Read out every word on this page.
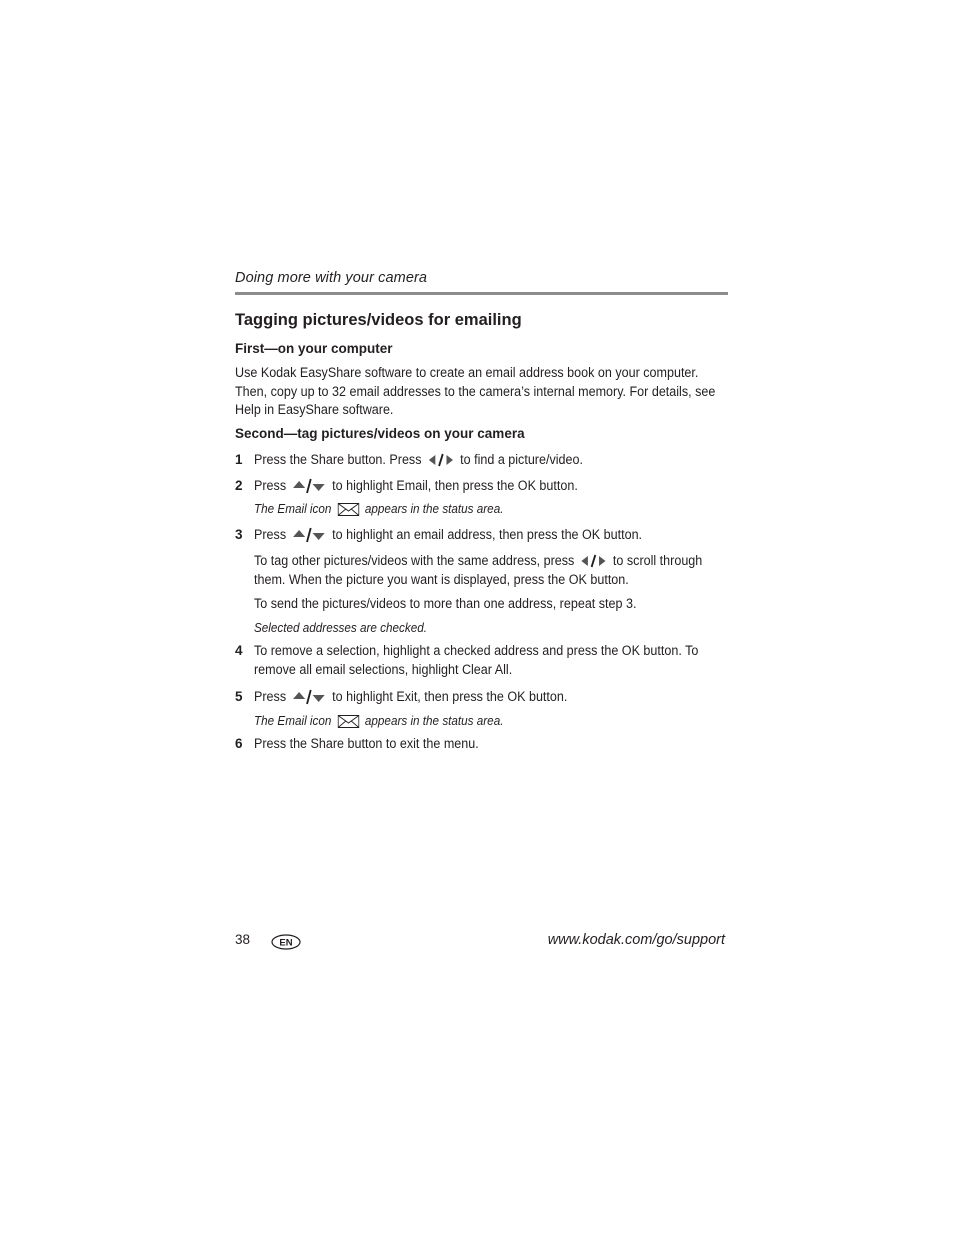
Doing more with your camera
Tagging pictures/videos for emailing
First—on your computer

Use Kodak EasyShare software to create an email address book on your computer.
Then, copy up to 32 email addresses to the camera’s internal memory. For details, see
Help in EasyShare software.

Second—tag pictures/videos on your camera
1 Press the Share button. Press	to find a picture/video.
2 Press	to highlight Email, then press the OK button.
The Email icon	appears in the status area.
3 Press	to highlight an email address, then press the OK button.
To tag other pictures/videos with the same address, press	to scroll through
them. When the picture you want is displayed, press the OK button.
To send the pictures/videos to more than one address, repeat step 3.
Selected addresses are checked.
4 To remove a selection, highlight a checked address and press the OK button. To
remove all email selections, highlight Clear All.
5 Press	to highlight Exit, then press the OK button.
The Email icon	appears in the status area.
6 Press the Share button to exit the menu.
38	EN	www.kodak.com/go/support
